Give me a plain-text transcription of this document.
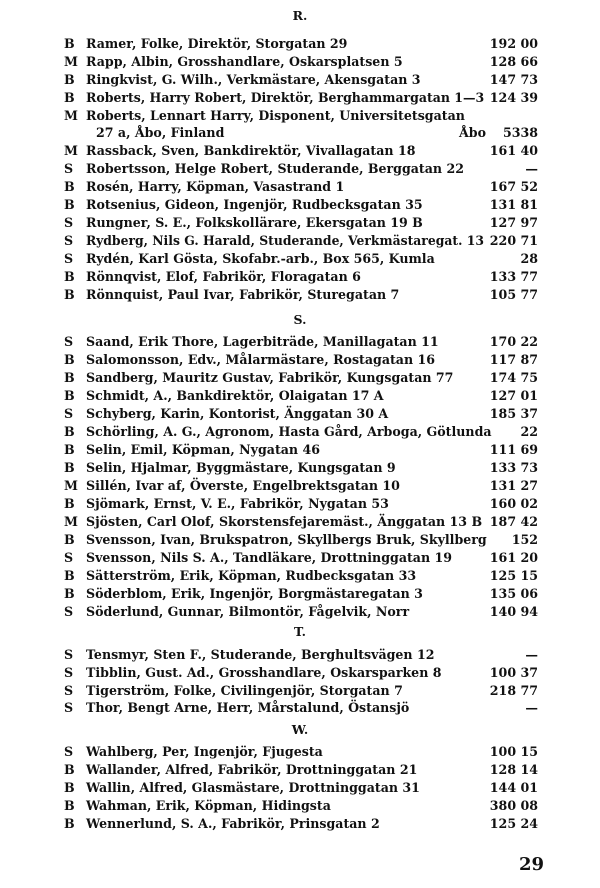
R.
B Ramer, Folke, Direktör, Storgatan 29	192 00
M Rapp, Albin, Grosshandlare, Oskarsplatsen 5	128 66
B Ringkvist, G. Wilh., Verkmästare, Akensgatan 3	147 73
B Roberts, Harry Robert, Direktör, Berghammargatan 1—3 124 39
M Roberts, Lennart Harry, Disponent, Universitetsgatan
27 a, Åbo, Finland	Åbo 5338
M Rassback, Sven, Bankdirektör, Vivallagatan 18	161 40
S	Robertsson, Helge Robert, Studerande, Berggatan 22	—
B Rosén, Harry, Köpman, Vasastrand 1	167 52
B Rotsenius, Gideon, Ingenjör, Rudbecksgatan 35	131 81
S	Rungner, S. E., Folkskollärare, Ekersgatan 19 B	127 97
S	Rydberg, Nils G. Harald, Studerande, Verkmästaregat. 13 220 71
S	Rydén, Karl Gösta, Skofabr.-arb., Box 565, Kumla	28
B Rönnqvist, Elof, Fabrikör, Floragatan 6	133 77
B Rönnquist, Paul Ivar, Fabrikör, Sturegatan 7	105 77
S.
S	Saand, Erik Thore, Lagerbiträde, Manillagatan 11	170 22
B Salomonsson, Edv., Målarmästare, Rostagatan 16	117 87
B Sandberg, Mauritz Gustav, Fabrikör, Kungsgatan 77	174 75
B Schmidt, A., Bankdirektör, Olaigatan 17 A	127 01
S	Schyberg, Karin, Kontorist, Änggatan 30 A	185 37
B Schörling, A. G., Agronom, Hasta Gård, Arboga, Götlunda 22
B Selin, Emil, Köpman, Nygatan 46	111 69
B Selin, Hjalmar, Byggmästare, Kungsgatan 9	133 73
M Sillén, Ivar af, Överste, Engelbrektsgatan 10	131 27
B Sjömark, Ernst, V. E., Fabrikör, Nygatan 53	160 02
M Sjösten, Carl Olof, Skorstensfejaremäst., Änggatan 13 B 187 42
B Svensson, Ivan, Brukspatron, Skyllbergs Bruk, Skyllberg 152
S	Svensson, Nils S. A., Tandläkare, Drottninggatan 19	161 20
B Sätterström, Erik, Köpman, Rudbecksgatan 33	125 15
B Söderblom, Erik, Ingenjör, Borgmästaregatan 3	135 06
S	Söderlund, Gunnar, Bilmontör, Fågelvik, Norr	140 94
T.
S	Tensmyr, Sten F., Studerande, Berghultsvägen 12	—
S	Tibblin, Gust. Ad., Grosshandlare, Oskarsparken 8	100 37
S	Tigerström, Folke, Civilingenjör, Storgatan 7	218 77
S	Thor, Bengt Arne, Herr, Mårstalund, Östansjö	—
W.
S	Wahlberg, Per, Ingenjör, Fjugesta	100 15
B Wallander, Alfred, Fabrikör, Drottninggatan 21	128 14
B Wallin, Alfred, Glasmästare, Drottninggatan 31	144 01
B Wahman, Erik, Köpman, Hidingsta	380 08
B Wennerlund, S. A., Fabrikör, Prinsgatan 2	125 24
29
